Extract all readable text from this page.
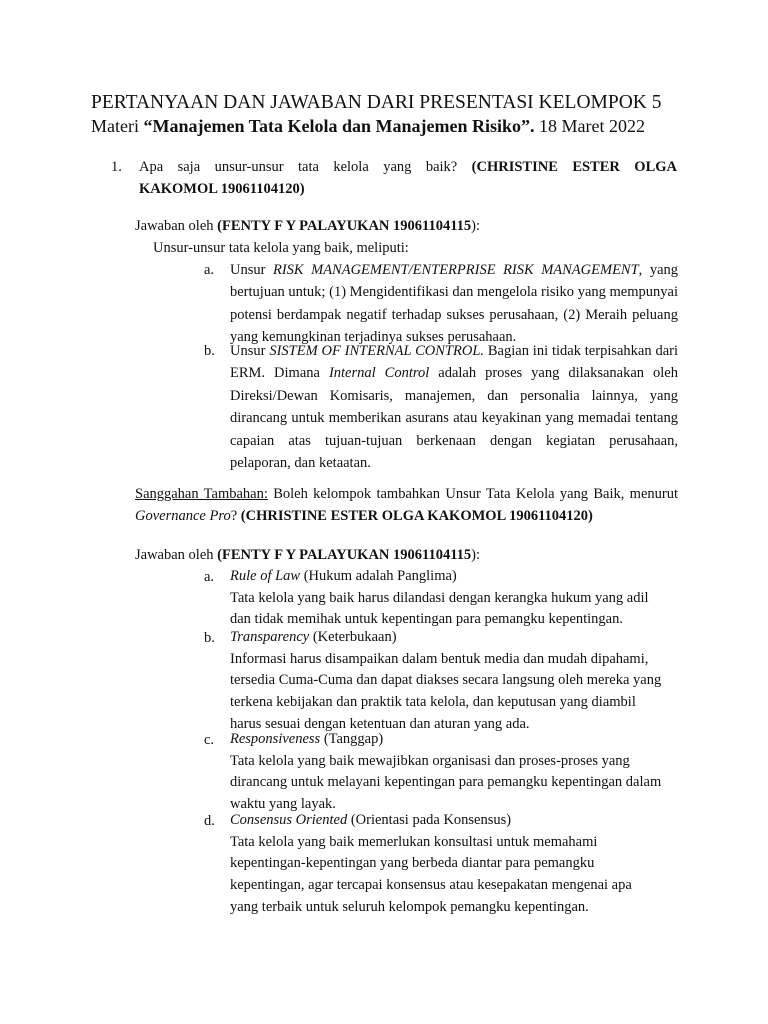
PERTANYAAN DAN JAWABAN DARI PRESENTASI KELOMPOK 5
Materi “Manajemen Tata Kelola dan Manajemen Risiko”. 18 Maret 2022
1. Apa saja unsur-unsur tata kelola yang baik? (CHRISTINE ESTER OLGA
KAKOMOL 19061104120)
Jawaban oleh (FENTY F Y PALAYUKAN 19061104115):
Unsur-unsur tata kelola yang baik, meliputi:
a. Unsur RISK MANAGEMENT/ENTERPRISE RISK MANAGEMENT, yang bertujuan untuk; (1) Mengidentifikasi dan mengelola risiko yang mempunyai potensi berdampak negatif terhadap sukses perusahaan, (2) Meraih peluang yang kemungkinan terjadinya sukses perusahaan.
b. Unsur SISTEM OF INTERNAL CONTROL. Bagian ini tidak terpisahkan dari ERM. Dimana Internal Control adalah proses yang dilaksanakan oleh Direksi/Dewan Komisaris, manajemen, dan personalia lainnya, yang dirancang untuk memberikan asurans atau keyakinan yang memadai tentang capaian atas tujuan-tujuan berkenaan dengan kegiatan perusahaan, pelaporan, dan ketaatan.
Sanggahan Tambahan: Boleh kelompok tambahkan Unsur Tata Kelola yang Baik, menurut Governance Pro? (CHRISTINE ESTER OLGA KAKOMOL 19061104120)
Jawaban oleh (FENTY F Y PALAYUKAN 19061104115):
a. Rule of Law (Hukum adalah Panglima)
Tata kelola yang baik harus dilandasi dengan kerangka hukum yang adil
dan tidak memihak untuk kepentingan para pemangku kepentingan.
b. Transparency (Keterbukaan)
Informasi harus disampaikan dalam bentuk media dan mudah dipahami,
tersedia Cuma-Cuma dan dapat diakses secara langsung oleh mereka yang
terkena kebijakan dan praktik tata kelola, dan keputusan yang diambil
harus sesuai dengan ketentuan dan aturan yang ada.
c. Responsiveness (Tanggap)
Tata kelola yang baik mewajibkan organisasi dan proses-proses yang
dirancang untuk melayani kepentingan para pemangku kepentingan dalam
waktu yang layak.
d. Consensus Oriented (Orientasi pada Konsensus)
Tata kelola yang baik memerlukan konsultasi untuk memahami
kepentingan-kepentingan yang berbeda diantar para pemangku
kepentingan, agar tercapai konsensus atau kesepakatan mengenai apa
yang terbaik untuk seluruh kelompok pemangku kepentingan.
